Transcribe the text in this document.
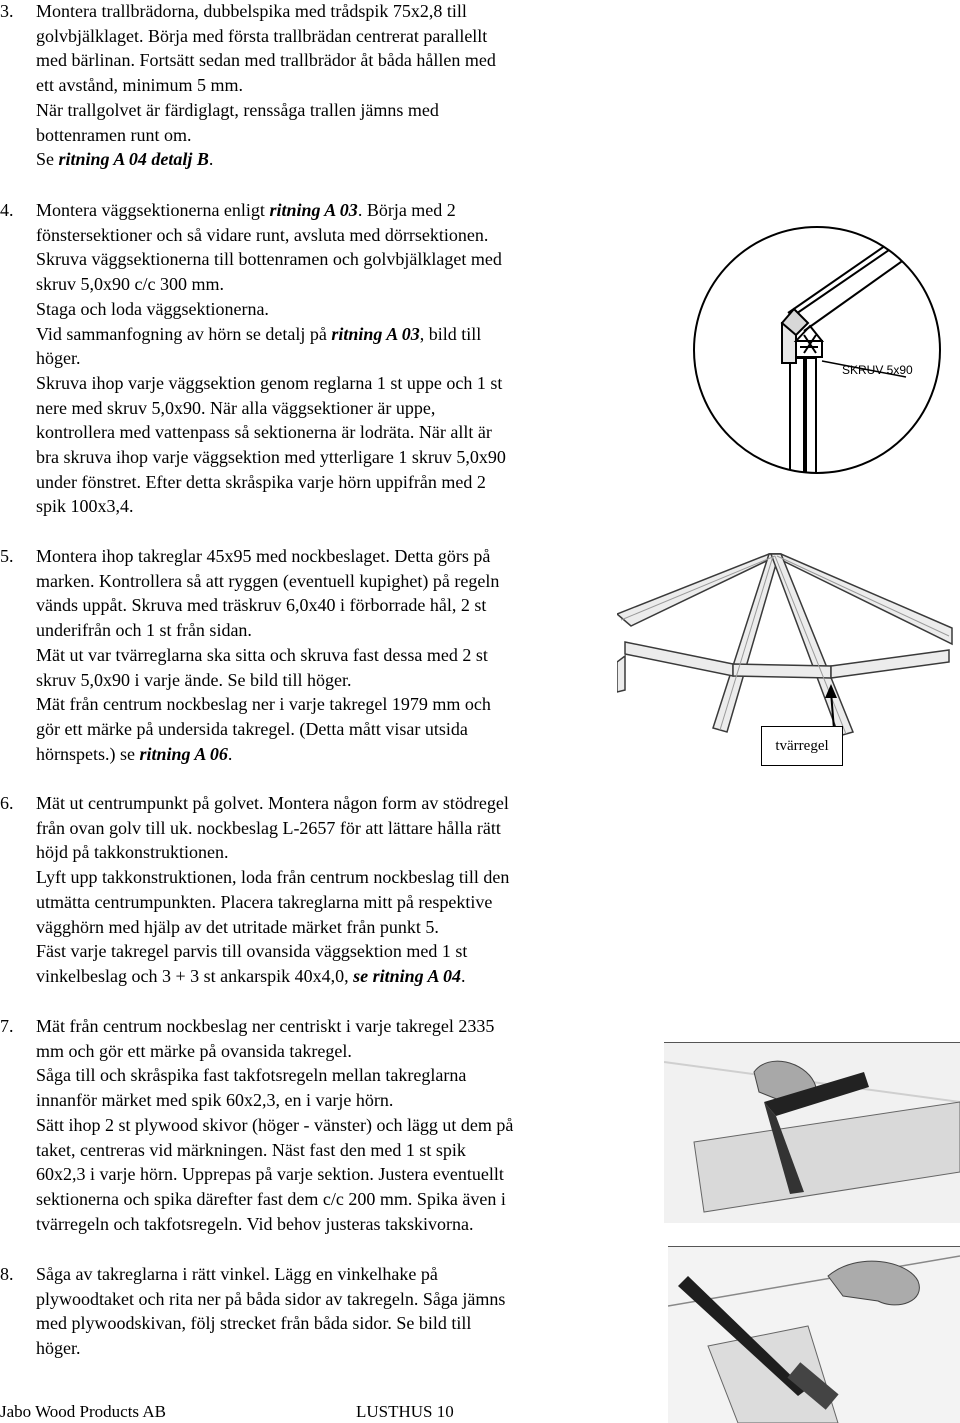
3.	Montera trallbrädorna, dubbelspika med trådspik 75x2,8 till
golvbjälklaget. Börja med första trallbrädan centrerat parallellt
med bärlinan. Fortsätt sedan med trallbrädor åt båda hållen med
ett avstånd, minimum 5 mm.
När trallgolvet är färdiglagt, renssåga trallen jämns med
bottenramen runt om.
Se ritning A 04 detalj B.
4.	Montera väggsektionerna enligt ritning A 03. Börja med 2
fönstersektioner och så vidare runt, avsluta med dörrsektionen.
Skruva väggsektionerna till bottenramen och golvbjälklaget med
skruv 5,0x90 c/c 300 mm.
Staga och loda väggsektionerna.
Vid sammanfogning av hörn se detalj på ritning A 03, bild till
höger.
Skruva ihop varje väggsektion genom reglarna 1 st uppe och 1 st
nere med skruv 5,0x90. När alla väggsektioner är uppe,
kontrollera med vattenpass så sektionerna är lodräta. När allt är
bra skruva ihop varje väggsektion med ytterligare 1 skruv 5,0x90
under fönstret. Efter detta skråspika varje hörn uppifrån med 2
spik 100x3,4.
5.	Montera ihop takreglar 45x95 med nockbeslaget. Detta görs på
marken. Kontrollera så att ryggen (eventuell kupighet) på regeln
vänds uppåt. Skruva med träskruv 6,0x40 i förborrade hål, 2 st
underifrån och 1 st från sidan.
Mät ut var tvärreglarna ska sitta och skruva fast dessa med 2 st
skruv 5,0x90 i varje ände. Se bild till höger.
Mät från centrum nockbeslag ner i varje takregel 1979 mm och
gör ett märke på undersida takregel. (Detta mått visar utsida
hörnspets.) se ritning A 06.
6.	Mät ut centrumpunkt på golvet. Montera någon form av stödregel
från ovan golv till uk. nockbeslag L-2657 för att lättare hålla rätt
höjd på takkonstruktionen.
Lyft upp takkonstruktionen, loda från centrum nockbeslag till den
utmätta centrumpunkten. Placera takreglarna mitt på respektive
vägghörn med hjälp av det utritade märket från punkt 5.
Fäst varje takregel parvis till ovansida väggsektion med 1 st
vinkelbeslag och 3 + 3 st ankarspik 40x4,0, se ritning A 04.
7.	Mät från centrum nockbeslag ner centriskt i varje takregel 2335
mm och gör ett märke på ovansida takregel.
Såga till och skråspika fast takfotsregeln mellan takreglarna
innanför märket med spik 60x2,3, en i varje hörn.
Sätt ihop 2 st plywood skivor (höger - vänster) och lägg ut dem på
taket, centreras vid märkningen. Näst fast den med 1 st spik
60x2,3 i varje hörn. Upprepas på varje sektion. Justera eventuellt
sektionerna och spika därefter fast dem c/c 200 mm. Spika även i
tvärregeln och takfotsregeln. Vid behov justeras takskivorna.
8.	Såga av takreglarna i rätt vinkel. Lägg en vinkelhake på
plywoodtaket och rita ner på båda sidor av takregeln. Såga jämns
med plywoodskivan, följ strecket från båda sidor. Se bild till
höger.
SKRUV 5x90
tvärregel
Jabo Wood Products AB	LUSTHUS 10
